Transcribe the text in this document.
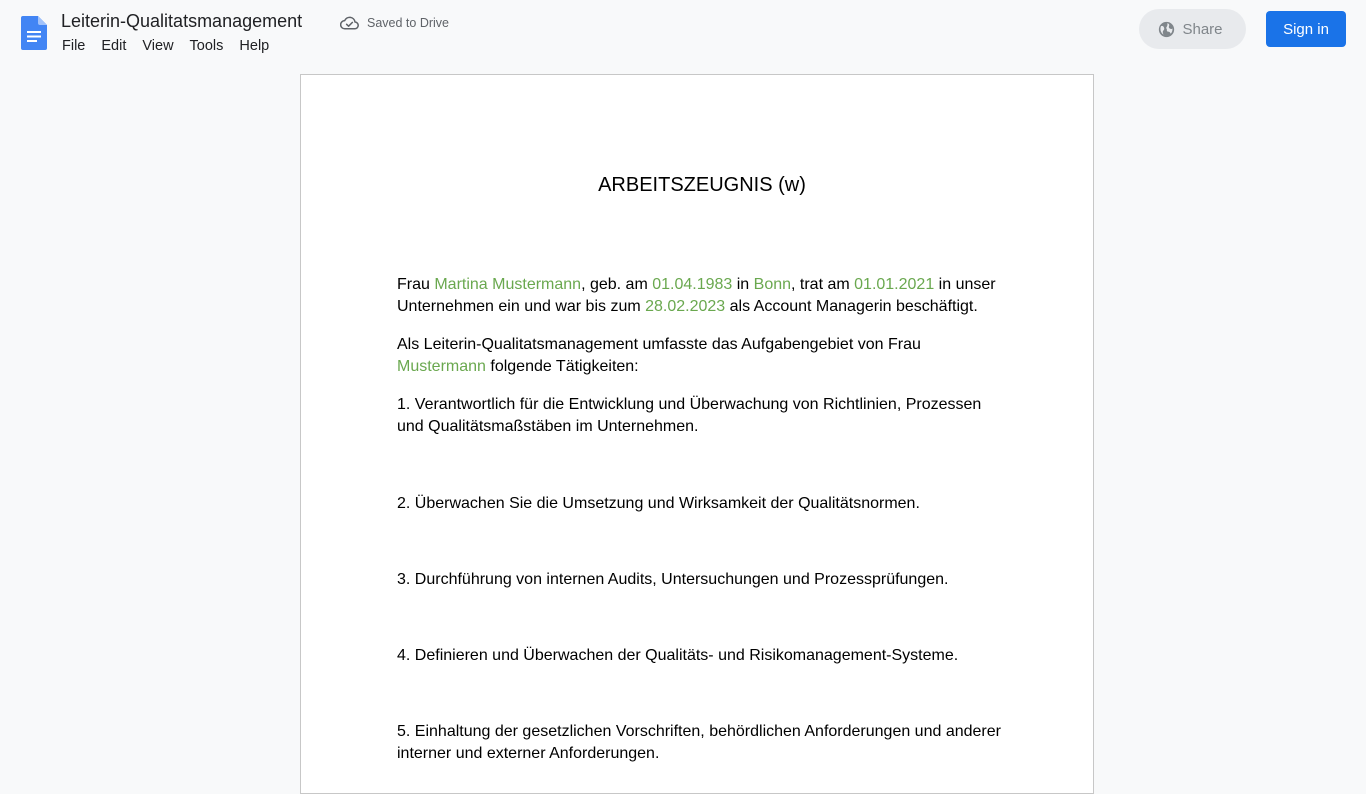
Leiterin-Qualitatsmanagement	Saved to Drive
File	Edit	View	Tools	Help
Share	Sign in
ARBEITSZEUGNIS (w)

Frau Martina Mustermann, geb. am 01.04.1983 in Bonn, trat am 01.01.2021 in unser Unternehmen ein und war bis zum 28.02.2023 als Account Managerin beschäftigt.

Als Leiterin-Qualitatsmanagement umfasste das Aufgabengebiet von Frau Mustermann folgende Tätigkeiten:

1. Verantwortlich für die Entwicklung und Überwachung von Richtlinien, Prozessen und Qualitätsmaßstäben im Unternehmen.

2. Überwachen Sie die Umsetzung und Wirksamkeit der Qualitätsnormen.

3. Durchführung von internen Audits, Untersuchungen und Prozessprüfungen.

4. Definieren und Überwachen der Qualitäts- und Risikomanagement-Systeme.

5. Einhaltung der gesetzlichen Vorschriften, behördlichen Anforderungen und anderer interner und externer Anforderungen.
